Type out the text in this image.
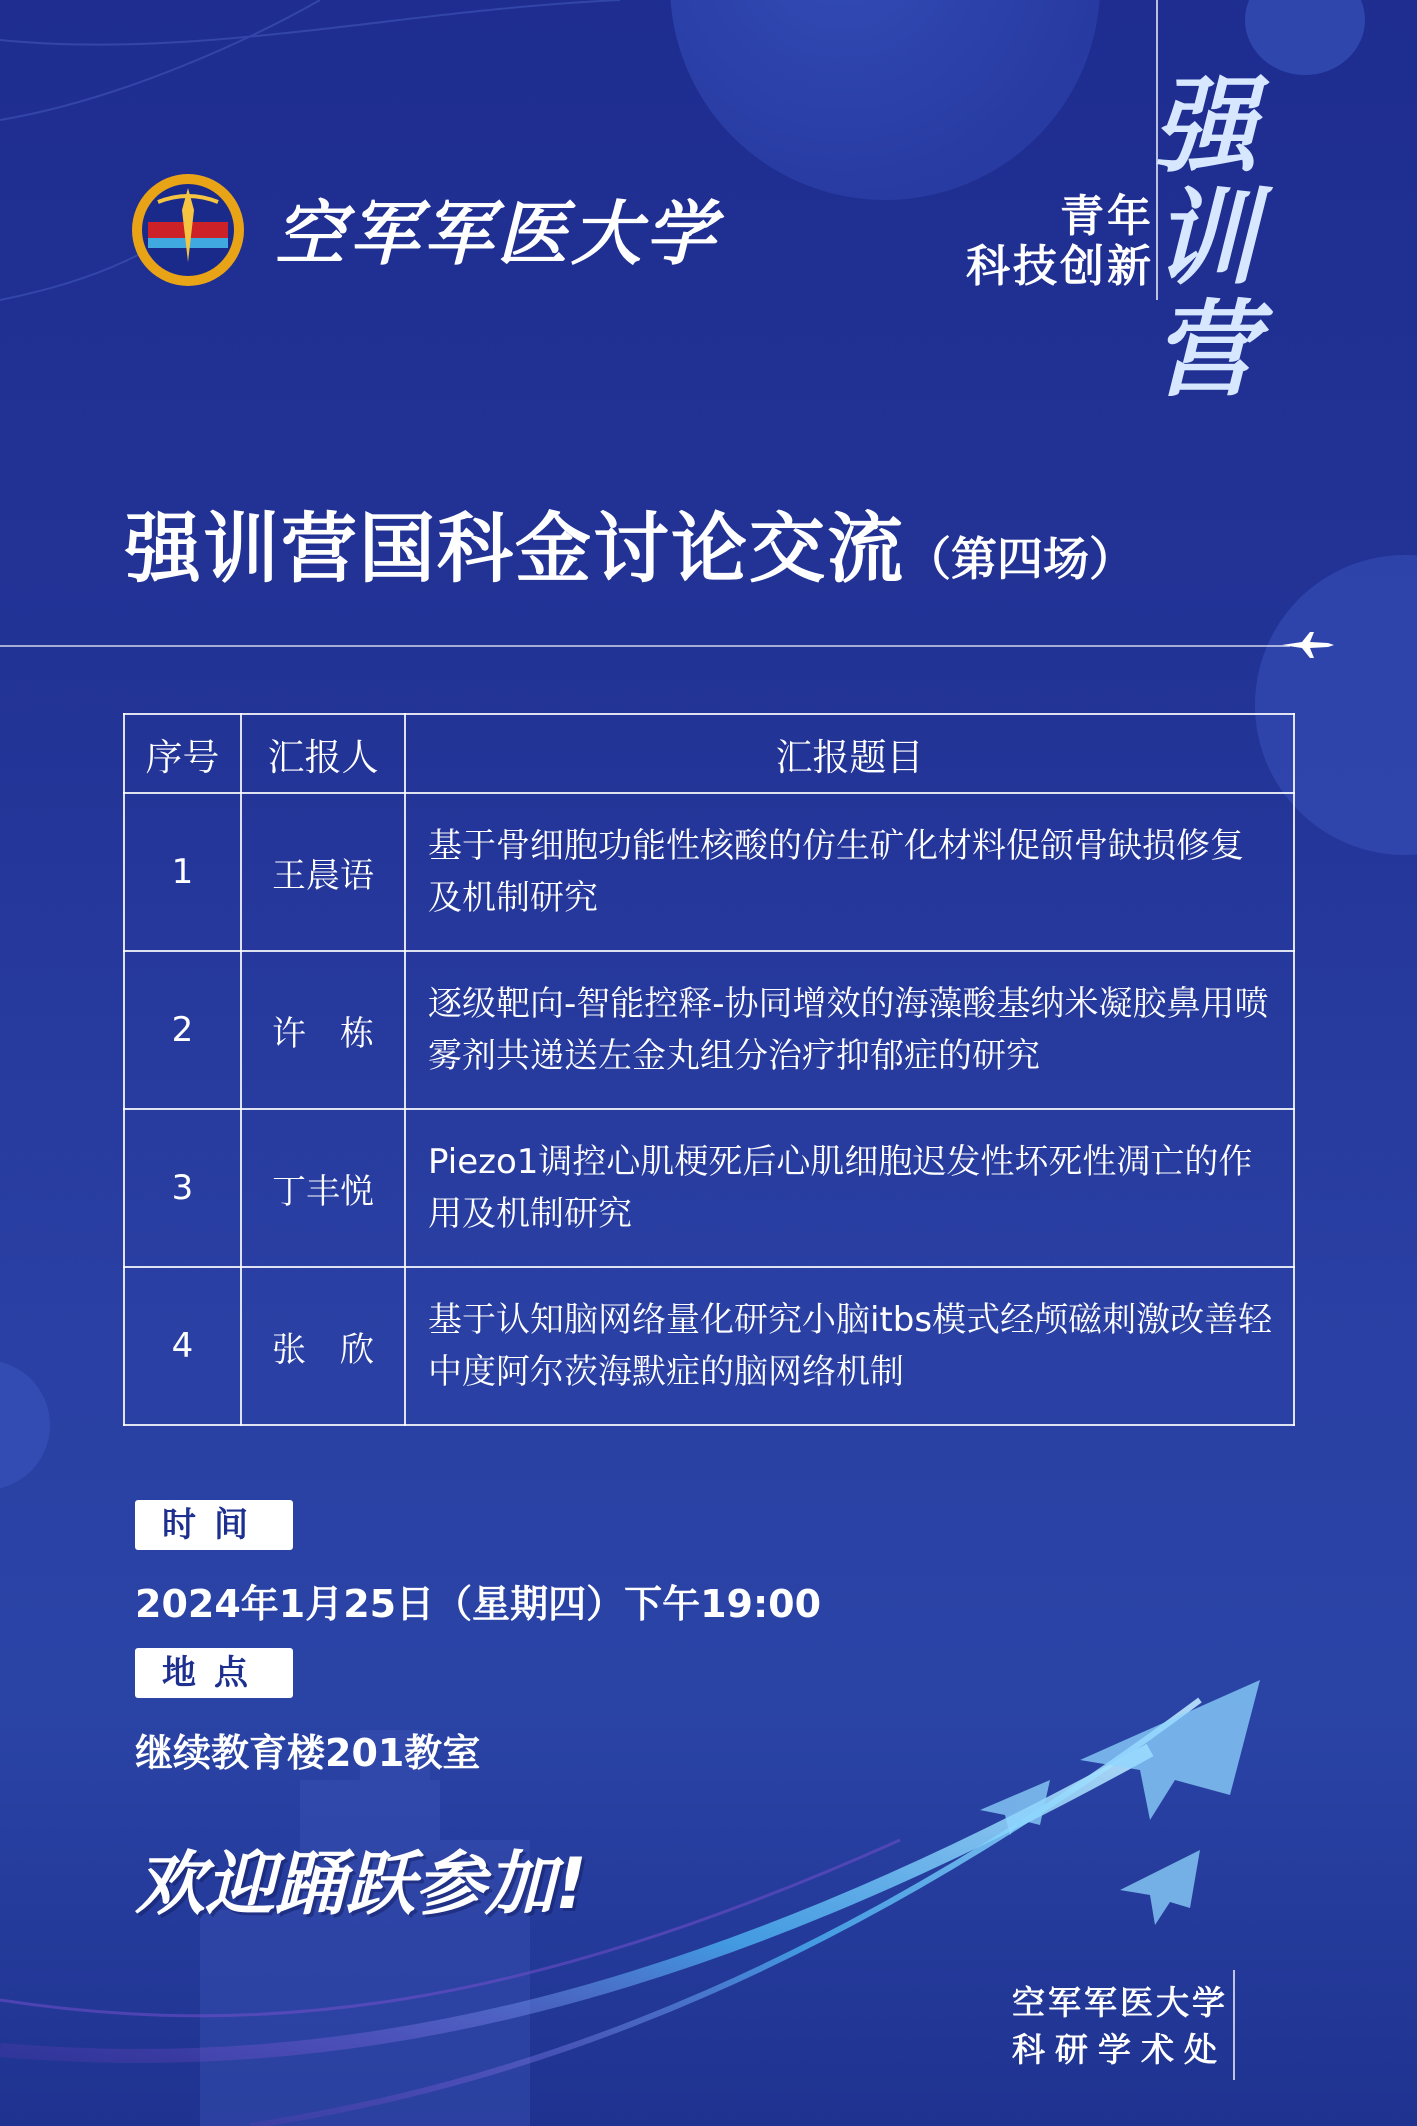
空军军医大学	青年
科技创新
强
训
营
强训营国科金讨论交流（第四场）
序号	汇报人	汇报题目
1	王晨语	基于骨细胞功能性核酸的仿生矿化材料促颌骨缺损修复及机制研究
2	许　栋	逐级靶向-智能控释-协同增效的海藻酸基纳米凝胶鼻用喷雾剂共递送左金丸组分治疗抑郁症的研究
3	丁丰悦	Piezo1调控心肌梗死后心肌细胞迟发性坏死性凋亡的作用及机制研究
4	张　欣	基于认知脑网络量化研究小脑itbs模式经颅磁刺激改善轻中度阿尔茨海默症的脑网络机制
时间
2024年1月25日（星期四）下午19:00
地点
继续教育楼201教室
欢迎踊跃参加!
空军军医大学
科研学术处
